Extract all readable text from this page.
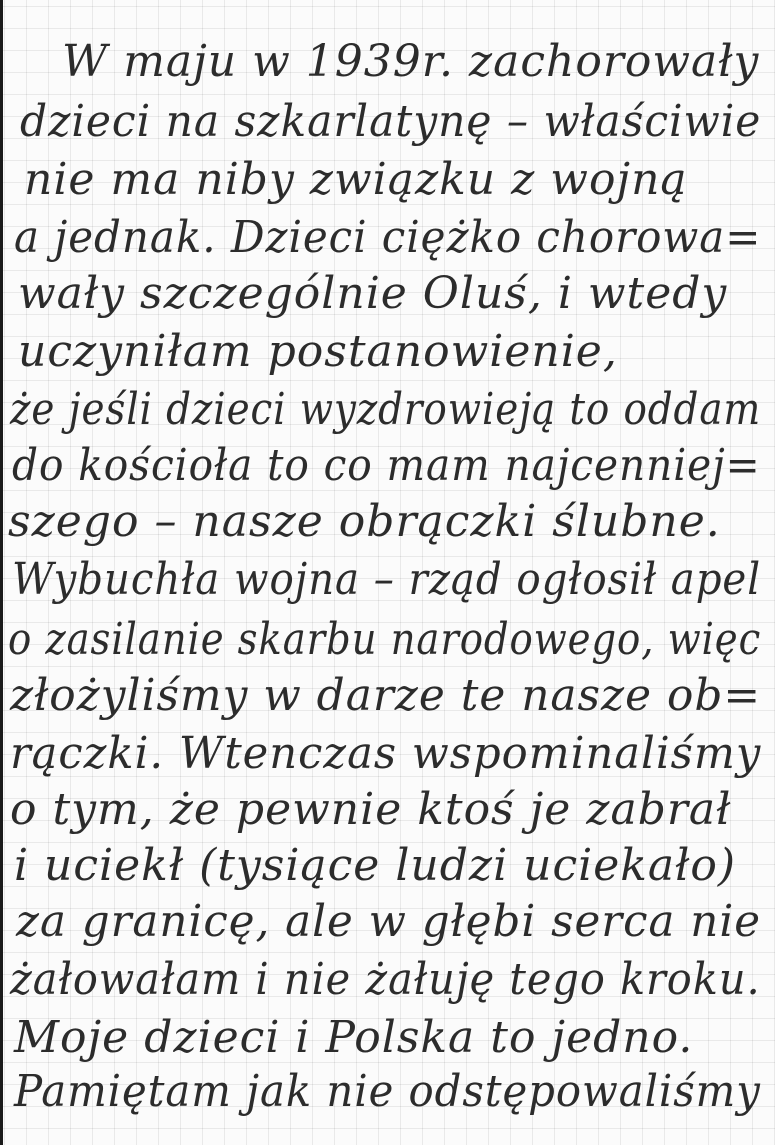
W maju w 1939r. zachorowały
dzieci na szkarlatynę – właściwie
nie ma niby związku z wojną
a jednak. Dzieci ciężko chorowa=
wały szczególnie Oluś, i wtedy
uczyniłam postanowienie,
że jeśli dzieci wyzdrowieją to oddam
do kościoła to co mam najcenniej=
szego – nasze obrączki ślubne.
Wybuchła wojna – rząd ogłosił apel
o zasilanie skarbu narodowego, więc
złożyliśmy w darze te nasze ob=
rączki. Wtenczas wspominaliśmy
o tym, że pewnie ktoś je zabrał
i uciekł (tysiące ludzi uciekało)
za granicę, ale w głębi serca nie
żałowałam i nie żałuję tego kroku.
Moje dzieci i Polska to jedno.
Pamiętam jak nie odstępowaliśmy
